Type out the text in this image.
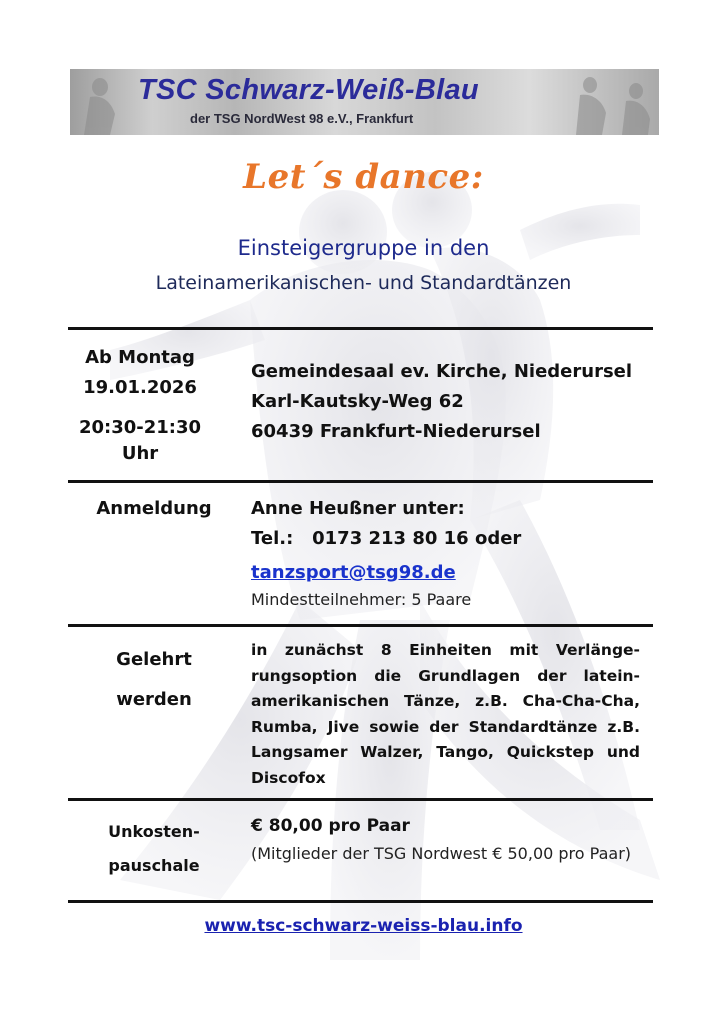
TSC Schwarz-Weiß-Blau
der TSG NordWest 98 e.V., Frankfurt
Let´s dance:
Einsteigergruppe in den
Lateinamerikanischen- und Standardtänzen
Ab Montag
19.01.2026
20:30-21:30
Uhr
Gemeindesaal ev. Kirche, Niederursel
Karl-Kautsky-Weg 62
60439 Frankfurt-Niederursel
Anmeldung	Anne Heußner unter:
Tel.: 0173 213 80 16 oder
tanzsport@tsg98.de
Mindestteilnehmer: 5 Paare
Gelehrt
werden
in zunächst 8 Einheiten mit Verlänge-rungsoption die Grundlagen der latein-amerikanischen Tänze, z.B. Cha-Cha-Cha, Rumba, Jive sowie der Standardtänze z.B. Langsamer Walzer, Tango, Quickstep und Discofox
Unkosten-
pauschale
€ 80,00 pro Paar
(Mitglieder der TSG Nordwest € 50,00 pro Paar)
www.tsc-schwarz-weiss-blau.info
